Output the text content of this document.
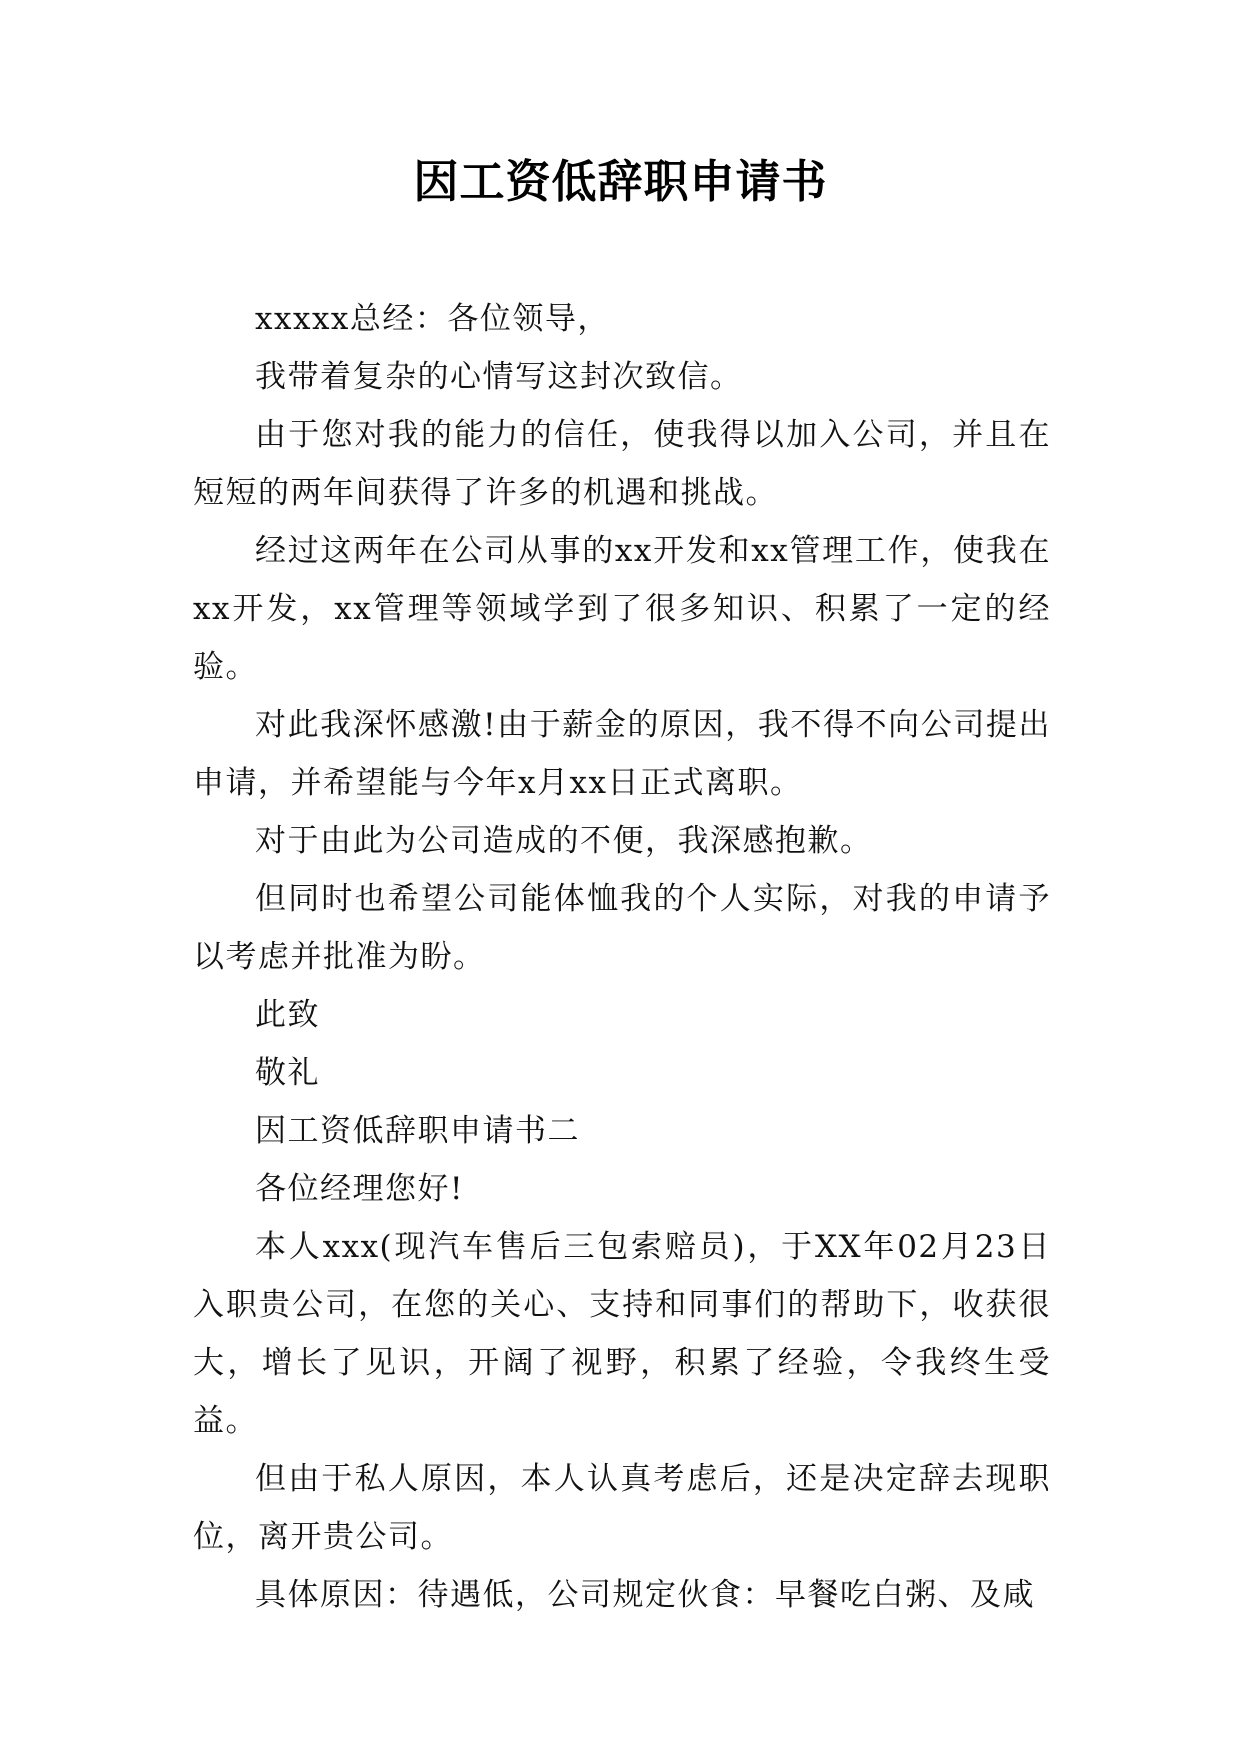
因工资低辞职申请书

xxxxx总经：各位领导，

我带着复杂的心情写这封次致信。

由于您对我的能力的信任，使我得以加入公司，并且在短短的两年间获得了许多的机遇和挑战。

经过这两年在公司从事的xx开发和xx管理工作，使我在xx开发，xx管理等领域学到了很多知识、积累了一定的经验。

对此我深怀感激!由于薪金的原因，我不得不向公司提出申请，并希望能与今年x月xx日正式离职。

对于由此为公司造成的不便，我深感抱歉。

但同时也希望公司能体恤我的个人实际，对我的申请予以考虑并批准为盼。

此致

敬礼

因工资低辞职申请书二

各位经理您好!

本人xxx(现汽车售后三包索赔员)，于XX年02月23日入职贵公司，在您的关心、支持和同事们的帮助下，收获很大，增长了见识，开阔了视野，积累了经验，令我终生受益。

但由于私人原因，本人认真考虑后，还是决定辞去现职位，离开贵公司。

具体原因：待遇低，公司规定伙食：早餐吃白粥、及咸
